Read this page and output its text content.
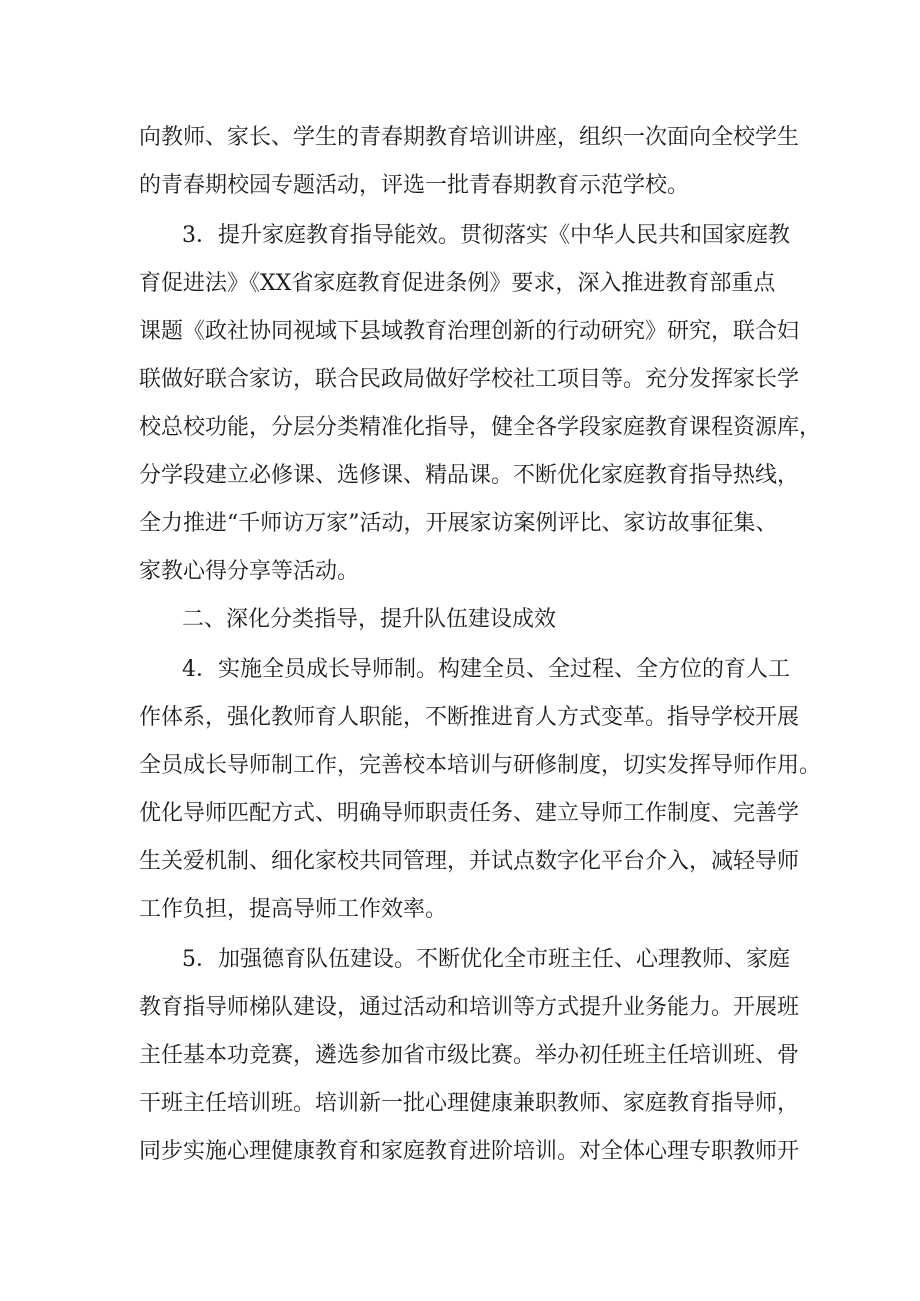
向教师、家长、学生的青春期教育培训讲座，组织一次面向全校学生
的青春期校园专题活动，评选一批青春期教育示范学校。
3．提升家庭教育指导能效。贯彻落实《中华人民共和国家庭教
育促进法》《XX省家庭教育促进条例》要求，深入推进教育部重点
课题《政社协同视域下县域教育治理创新的行动研究》研究，联合妇
联做好联合家访，联合民政局做好学校社工项目等。充分发挥家长学
校总校功能，分层分类精准化指导，健全各学段家庭教育课程资源库，
分学段建立必修课、选修课、精品课。不断优化家庭教育指导热线，
全力推进“千师访万家”活动，开展家访案例评比、家访故事征集、
家教心得分享等活动。
二、深化分类指导，提升队伍建设成效
4．实施全员成长导师制。构建全员、全过程、全方位的育人工
作体系，强化教师育人职能，不断推进育人方式变革。指导学校开展
全员成长导师制工作，完善校本培训与研修制度，切实发挥导师作用。
优化导师匹配方式、明确导师职责任务、建立导师工作制度、完善学
生关爱机制、细化家校共同管理，并试点数字化平台介入，减轻导师
工作负担，提高导师工作效率。
5．加强德育队伍建设。不断优化全市班主任、心理教师、家庭
教育指导师梯队建设，通过活动和培训等方式提升业务能力。开展班
主任基本功竞赛，遴选参加省市级比赛。举办初任班主任培训班、骨
干班主任培训班。培训新一批心理健康兼职教师、家庭教育指导师，
同步实施心理健康教育和家庭教育进阶培训。对全体心理专职教师开
